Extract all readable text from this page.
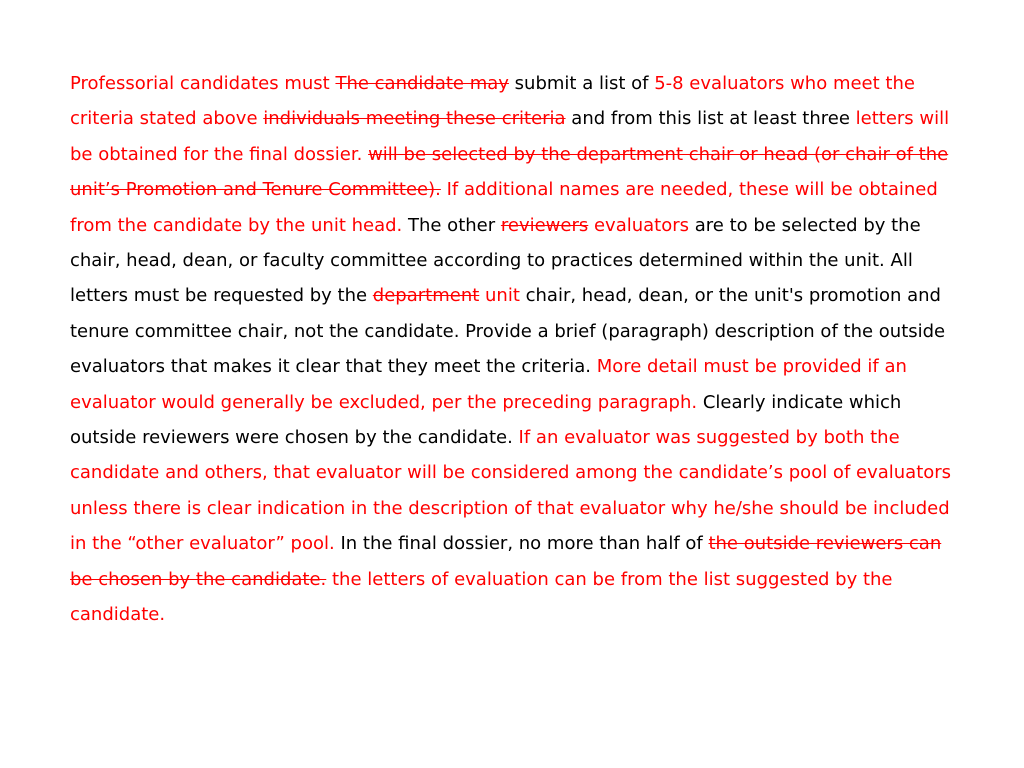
Professorial candidates must The candidate may submit a list of 5-8 evaluators who meet the criteria stated above individuals meeting these criteria and from this list at least three letters will be obtained for the final dossier. will be selected by the department chair or head (or chair of the unit’s Promotion and Tenure Committee). If additional names are needed, these will be obtained from the candidate by the unit head. The other reviewers evaluators are to be selected by the chair, head, dean, or faculty committee according to practices determined within the unit. All letters must be requested by the department unit chair, head, dean, or the unit's promotion and tenure committee chair, not the candidate. Provide a brief (paragraph) description of the outside evaluators that makes it clear that they meet the criteria. More detail must be provided if an evaluator would generally be excluded, per the preceding paragraph. Clearly indicate which outside reviewers were chosen by the candidate. If an evaluator was suggested by both the candidate and others, that evaluator will be considered among the candidate’s pool of evaluators unless there is clear indication in the description of that evaluator why he/she should be included in the “other evaluator” pool. In the final dossier, no more than half of the outside reviewers can be chosen by the candidate. the letters of evaluation can be from the list suggested by the candidate.
